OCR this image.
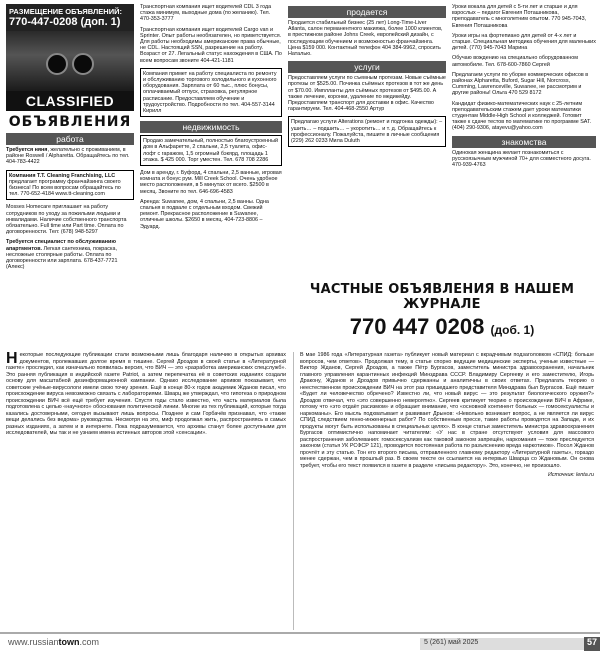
РАЗМЕЩЕНИЕ ОБЪЯВЛЕНИЙ:
770-447-0208 (доп. 1)
CLASSIFIED
ОБЪЯВЛЕНИЯ
работа
Требуется няня, желательно с проживанием, в районе Roswell / Alpharetta. Обращайтесь по тел. 404-783-4422
Компания T.T. Cleaning Franchising, LLC предлагает программу франчайзинга своего бизнеса! По всем вопросам обращайтесь по тел. 770-652-4184 www.tt-cleaning.com
Mosses Homecare приглашает на работу сотрудников по уходу за пожилыми людьми и инвалидами. Наличие собственного транспорта обязательно. Full time или Part time. Оплата по договоренности. Тел: (678) 948-5297
Требуется специалист по обслуживанию апартментов. Легкая сантехника, покраска, несложные столярные работы. Оплата по договоренности или зарплата. 678-437-7721 (Алекс)
Транспортная компания ищет водителей CDL 3 года стажа минимум, выходные дома (по желанию). Тел. 470-353-3777
Транспортная компания ищет водителей Cargo van и Sprinter. Опыт работы необязателен, но приветствуется. Для работы необходимы американские права обычные, не CDL. Настоящий SSN, разрешение на работу. Возраст от 27. Легальный статус нахождения в США. По всем вопросам звоните 404-421-1181
Компания примет на работу специалиста по ремонту и обслуживанию торгового холодильного и кухонного оборудования. Зарплата от 60 тыс., плюс бонусы, оплачиваемый отпуск, страховка, регулярное расписание. Предоставляем обучение и трудоустройство. Подробности по тел. 404-557-3144 Кирилл
недвижимость
Продаю замечательный, полностью благоустроенный дом в Альфаретте, 2 спальни, 2,5 туалета, офис-лофт с гаражом, 1,5 огромный бэкярд, площадь 1 этажа. $ 425 000. Торг уместен. Тел. 678 708 2286
Дом в аренду, г. Буфорд, 4 спальни, 2,5 ванные, игровая комната и бонус рум. Mill Creek School. Очень удобное место расположения, в 5 минутах от всего. $2500 в месяц. Звоните по тел. 646-696-4583
Аренда: Suwanee, дом, 4 спальни, 2,5 ванны. Одна спальня в подвале с отдельным входом. Свежий ремонт. Прекрасное расположение в Suwanee, отличные школы. $2650 в месяц. 404-723-8806 – Эдуард.
продается
Продается стабильный бизнес (25 лет) Long-Time-Liver Atlanta, салон перманентного макияжа, более 1000 клиентов, в престижном районе Johns Creek, европейский дизайн, с последующим обучением и возможностью франчайзинга. Цена $159 000. Контактный телефон 404 384-9962, спросить Наталью.
услуги
Предоставляем услуги по съемным протезам. Новые съёмные протезы от $525.00. Починка съёмных протезов в тот же день от $70.00. Имплланты для съёмных протезов от $495.00. А также лечение, коронки, удаление по медикейду. Предоставляем транспорт для доставки в офис. Качество гарантируем. Тел. 404-468-2550 Артур
Предлагаю услуги Alterations (ремонт и подгонка одежды): – ушить… – подшить… – укоротить… и т. д. Обращайтесь к профессионалу. Пожалуйста, пишите в личные сообщения (229) 262 0233 Мила Duluth
Уроки вокала для детей с 5-ти лет и старше и для взрослых – педагог Евгения Поташникова, преподаватель с многолетним опытом. 770 945-7043, Евгения Поташникова
Уроки игры на фортепиано для детей от 4-х лет и старше. Специальная методика обучения для маленьких детей. (770) 945-7043 Марина
Обучаю вождению на специально оборудованном автомобиле. Тел. 678-600-7860 Сергей
Предлагаем услуги по уборке коммерческих офисов в районах Alpharetta, Buford, Sugar Hill, Norcross, Cumming, Lawrenceville, Suwanee, не рассмотрим и другие районы! Ольга 470 529 8172
Кандидат физико-математических наук с 25-летним преподавательским стажем дает уроки математики студентам Middle-High School и колледжей. Готовит также к сдаче тестов по математике по программе SAT. (404) 290-9306, atayevu@yahoo.com
знакомства
Одинокая женщина желает познакомиться с русскоязычным мужчиной 70+ для совместного досуга. 470-939-4763
ЧАСТНЫЕ ОБЪЯВЛЕНИЯ В НАШЕМ ЖУРНАЛЕ
770 447 0208 (доб. 1)
Некоторые последующие публикации стали возможными лишь благодаря наличию в открытых архивах документов, пролежавших долгое время в тишине. Сергей Дроздов в своей статье в «Литературной газете» проследил, как изначально появилась версия, что ВИЧ — это «разработка американских спецслужб». Это ранняя публикация в индийской газете Patriot, а затем перепечатка её в советских изданиях создали основу для масштабной дезинформационной кампании. Однако исследование архивов показывает, что советские учёные-вирусологи имели свою точку зрения. Ещё в конце 80-х годов академик Жданов писал, что происхождение вируса невозможно связать с лабораториями. Шварц же утверждал, что гипотеза о природном происхождении ВИЧ всё ещё требует изучения. Спустя годы стало известно, что часть материалов была подготовлена с целью «научного» обоснования политической линии. Многие из тех публикаций, которые тогда казались достоверными, сегодня вызывают лишь вопросы. Позднее и сам Горбачёв признавал, что «такие вещи делались без ведома» руководства. Несмотря на это, миф продолжал жить, распространяясь в самых разных изданиях, а затем и в интернете. Пока подразумевается, что архивы станут более доступными для исследователей, мы так и не узнаем имена истинных авторов этой «сенсации».
В мае 1986 года «Литературная газета» публикует новый материал с вкрадчивым подзаголовком «СПИД: больше вопросов, чем ответов». Продолжая тему, в статье спорно ведущие медицинские эксперты, ученые известные — Виктор Жданов, Сергей Дроздов, а также Пётр Бургасов, заместитель министра здравоохранения, начальник главного управления карантинных инфекций Минздрава СССР. Владимиру Сергееву и его заместителю, Игорь Дракону, Жданов и Дроздов привычно сдержанны и аналитичны в своих ответах. Предлагать теорию о неестественном происхождении ВИЧ на этот раз пришедшего представителя Минздрава был Бургасов. Ещё пишет «Будет ли человечество обречено? Известно ли, что новый вирус — это результат биологического оружия?» Дроздов отвечал, что «это совершенно невероятно». Сергеев критикует теорию о происхождении ВИЧ в Африке, потому что «это отдаёт расизмом» и обращает внимание, что «основной континент больных — гомосексуалисты и наркоманы». Его мысль подхватывает и развивает Дрынов: «Невольно возникает вопрос, а не является ли вирус СПИД следствием генно-инженерных работ? По собственным прессе, такие работы проводятся на Западе, и их продукты могут быть использованы в специальных целях». В конце статьи заместитель министра здравоохранения Бургасов оптимистично напоминает читателям: «У нас в стране отсутствуют условия для массового распространения заболевания: гомосексуализм как таковой законом запрещён, наркомания — тоже преследуется законом (статья УК РСФСР 121), проводится постоянная работа по разъяснению вреда наркотиков». Посол Жданов прочтёт и эту статью. Тон его второго письма, отправленного главному редактору «Литературной газеты», гораздо менее сдержан, чем в прошлый раз. В своем тексте он ссылается на интервью Шварца со Ждановым. Он снова требует, чтобы его текст появился в газете в разделе «письма редактору». Это, конечно, не произошло.
Источник: lenta.ru
www.russiantown.com	5 (261) май 2025	57
